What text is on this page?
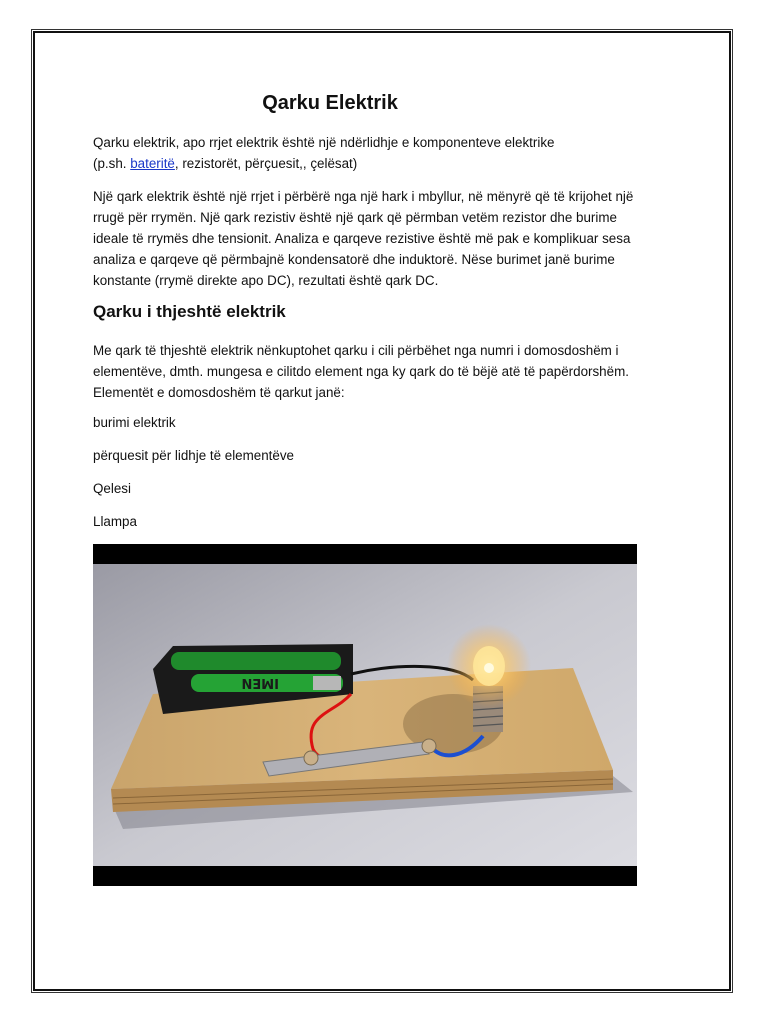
Qarku Elektrik

Qarku elektrik, apo rrjet elektrik është një ndërlidhje e komponenteve elektrike
(p.sh. bateritë, rezistorët, përçuesit,, çelësat)

Një qark elektrik është një rrjet i përbërë nga një hark i mbyllur, në mënyrë që të krijohet një
rrugë për rrymën. Një qark rezistiv është një qark që përmban vetëm rezistor dhe burime
ideale të rrymës dhe tensionit. Analiza e qarqeve rezistive është më pak e komplikuar sesa
analiza e qarqeve që përmbajnë kondensatorë dhe induktorë. Nëse burimet janë burime
konstante (rrymë direkte apo DC), rezultati është qark DC.

Qarku i thjeshtë elektrik

Me qark të thjeshtë elektrik nënkuptohet qarku i cili përbëhet nga numri i domosdoshëm i
elementëve, dmth. mungesa e cilitdo element nga ky qark do të bëjë atë të papërdorshëm.
Elementët e domosdoshëm të qarkut janë:

burimi elektrik

përquesit për lidhje të elementëve

Qelesi

Llampa

IMEN
